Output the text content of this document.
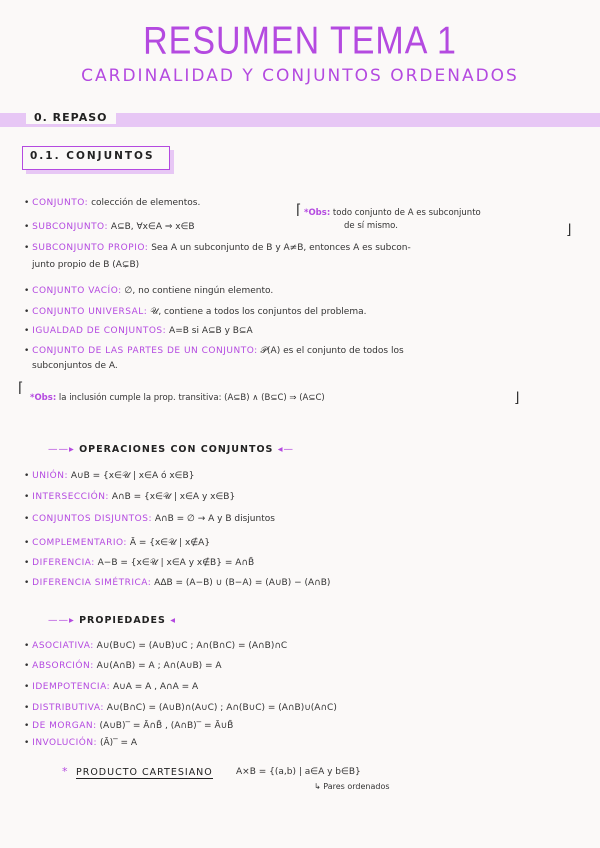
RESUMEN TEMA 1
CARDINALIDAD Y CONJUNTOS ORDENADOS
0. REPASO
0.1. CONJUNTOS
⌈ *Obs: todo conjunto de A es subconjunto
de sí mismo.	⌋
• CONJUNTO: colección de elementos.
• SUBCONJUNTO: A⊆B, ∀x∈A ⇒ x∈B
• SUBCONJUNTO PROPIO: Sea A un subconjunto de B y A≠B, entonces A es subcon-
junto propio de B (A⊊B)
• CONJUNTO VACÍO: ∅, no contiene ningún elemento.
• CONJUNTO UNIVERSAL: 𝒰, contiene a todos los conjuntos del problema.
• IGUALDAD DE CONJUNTOS: A=B si A⊆B y B⊆A
• CONJUNTO DE LAS PARTES DE UN CONJUNTO: 𝒫(A) es el conjunto de todos los
subconjuntos de A.
⌈
*Obs: la inclusión cumple la prop. transitiva: (A⊆B) ∧ (B⊆C) ⇒ (A⊆C)	⌋
——▸ OPERACIONES CON CONJUNTOS ◂—
• UNIÓN: A∪B = {x∈𝒰 | x∈A ó x∈B}
• INTERSECCIÓN: A∩B = {x∈𝒰 | x∈A y x∈B}
• CONJUNTOS DISJUNTOS: A∩B = ∅ → A y B disjuntos
• COMPLEMENTARIO: Ā = {x∈𝒰 | x∉A}
• DIFERENCIA: A−B = {x∈𝒰 | x∈A y x∉B} = A∩B̄
• DIFERENCIA SIMÉTRICA: AΔB = (A−B) ∪ (B−A) = (A∪B) − (A∩B)
——▸ PROPIEDADES ◂
• ASOCIATIVA: A∪(B∪C) = (A∪B)∪C ; A∩(B∩C) = (A∩B)∩C
• ABSORCIÓN: A∪(A∩B) = A ; A∩(A∪B) = A
• IDEMPOTENCIA: A∪A = A , A∩A = A
• DISTRIBUTIVA: A∪(B∩C) = (A∪B)∩(A∪C) ; A∩(B∪C) = (A∩B)∪(A∩C)
• DE MORGAN: (A∪B)‾ = Ā∩B̄ , (A∩B)‾ = Ā∪B̄
• INVOLUCIÓN: (Ā)‾ = A
* PRODUCTO CARTESIANO	A×B = {(a,b) | a∈A y b∈B}
↳ Pares ordenados
